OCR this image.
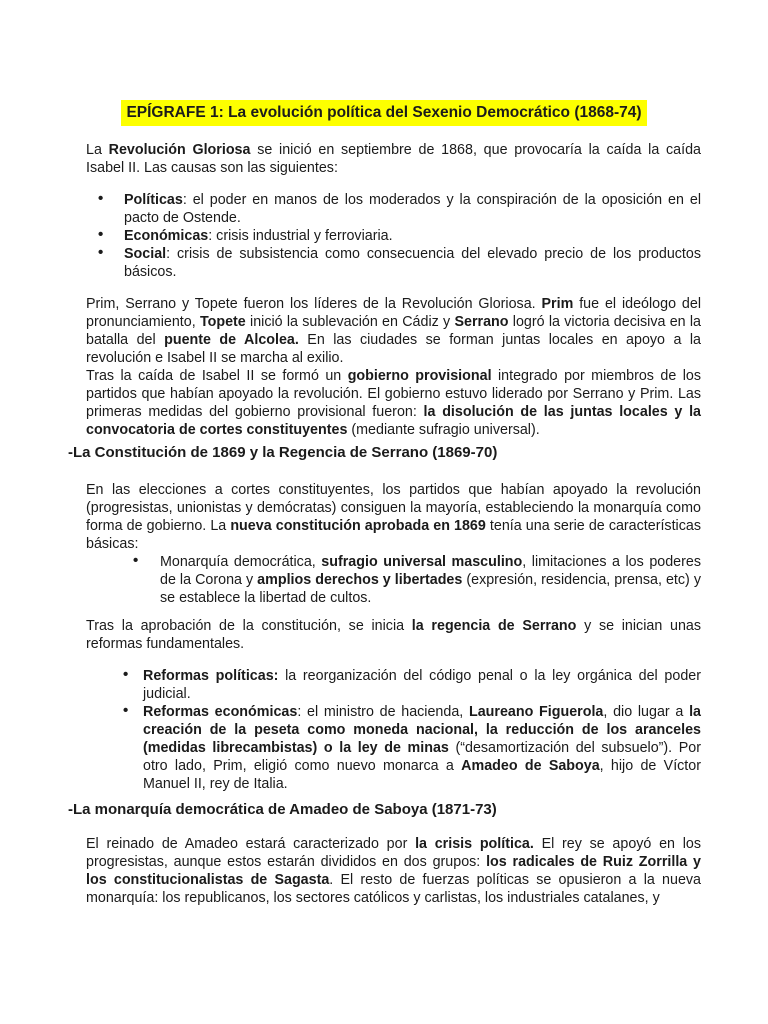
EPÍGRAFE 1: La evolución política del Sexenio Democrático (1868-74)

La Revolución Gloriosa se inició en septiembre de 1868, que provocaría la caída la caída Isabel II. Las causas son las siguientes:

• Políticas: el poder en manos de los moderados y la conspiración de la oposición en el pacto de Ostende.
• Económicas: crisis industrial y ferroviaria.
• Social: crisis de subsistencia como consecuencia del elevado precio de los productos básicos.

Prim, Serrano y Topete fueron los líderes de la Revolución Gloriosa. Prim fue el ideólogo del pronunciamiento, Topete inició la sublevación en Cádiz y Serrano logró la victoria decisiva en la batalla del puente de Alcolea. En las ciudades se forman juntas locales en apoyo a la revolución e Isabel II se marcha al exilio.

Tras la caída de Isabel II se formó un gobierno provisional integrado por miembros de los partidos que habían apoyado la revolución. El gobierno estuvo liderado por Serrano y Prim. Las primeras medidas del gobierno provisional fueron: la disolución de las juntas locales y la convocatoria de cortes constituyentes (mediante sufragio universal).

-La Constitución de 1869 y la Regencia de Serrano (1869-70)

En las elecciones a cortes constituyentes, los partidos que habían apoyado la revolución (progresistas, unionistas y demócratas) consiguen la mayoría, estableciendo la monarquía como forma de gobierno. La nueva constitución aprobada en 1869 tenía una serie de características básicas:

• Monarquía democrática, sufragio universal masculino, limitaciones a los poderes de la Corona y amplios derechos y libertades (expresión, residencia, prensa, etc) y se establece la libertad de cultos.

Tras la aprobación de la constitución, se inicia la regencia de Serrano y se inician unas reformas fundamentales.

• Reformas políticas: la reorganización del código penal o la ley orgánica del poder judicial.
• Reformas económicas: el ministro de hacienda, Laureano Figuerola, dio lugar a la creación de la peseta como moneda nacional, la reducción de los aranceles (medidas librecambistas) o la ley de minas (“desamortización del subsuelo”). Por otro lado, Prim, eligió como nuevo monarca a Amadeo de Saboya, hijo de Víctor Manuel II, rey de Italia.
-La monarquía democrática de Amadeo de Saboya (1871-73)

El reinado de Amadeo estará caracterizado por la crisis política. El rey se apoyó en los progresistas, aunque estos estarán divididos en dos grupos: los radicales de Ruiz Zorrilla y los constitucionalistas de Sagasta. El resto de fuerzas políticas se opusieron a la nueva monarquía: los republicanos, los sectores católicos y carlistas, los industriales catalanes, y
